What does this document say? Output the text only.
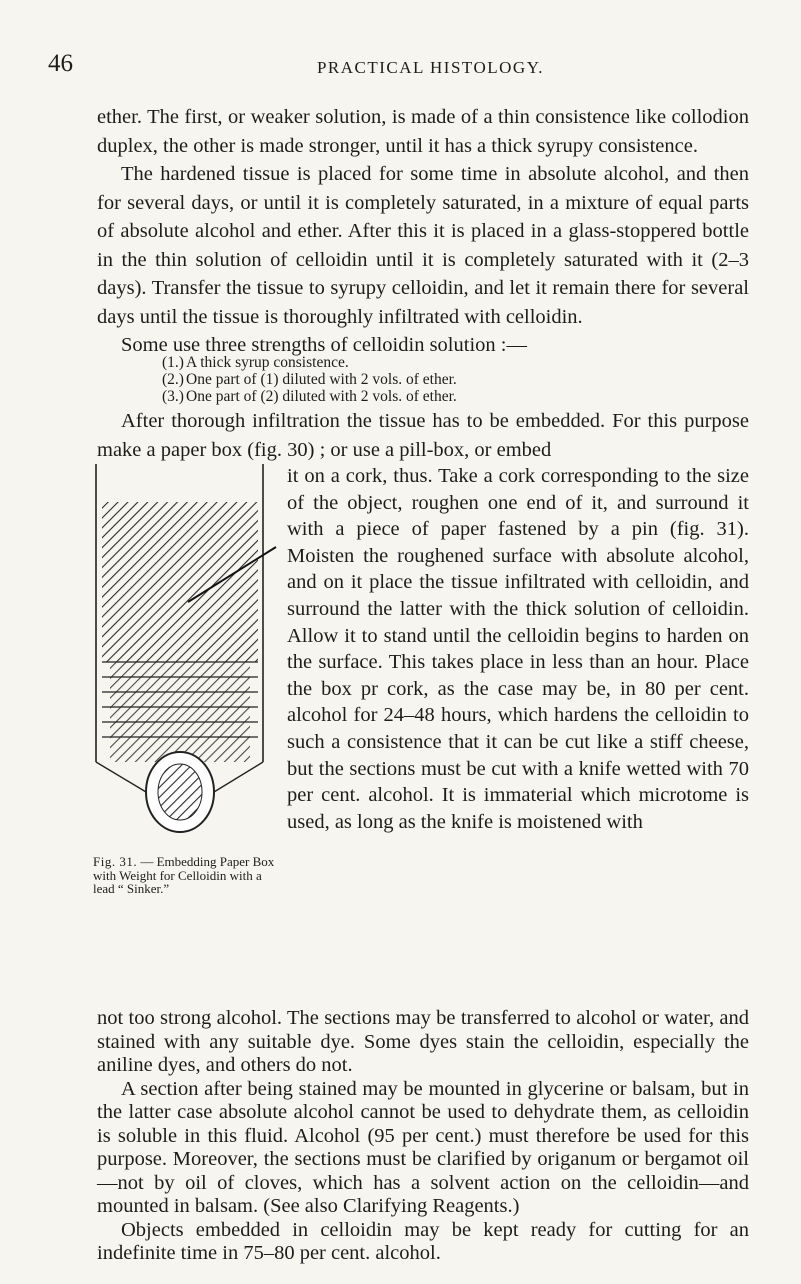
46	PRACTICAL HISTOLOGY.

ether. The first, or weaker solution, is made of a thin consistence like collodion duplex, the other is made stronger, until it has a thick syrupy consistence.

The hardened tissue is placed for some time in absolute alcohol, and then for several days, or until it is completely saturated, in a mixture of equal parts of absolute alcohol and ether. After this it is placed in a glass-stoppered bottle in the thin solution of celloidin until it is completely saturated with it (2–3 days). Transfer the tissue to syrupy celloidin, and let it remain there for several days until the tissue is thoroughly infiltrated with celloidin.

Some use three strengths of celloidin solution :—

(1.) A thick syrup consistence.
(2.) One part of (1) diluted with 2 vols. of ether.
(3.) One part of (2) diluted with 2 vols. of ether.

After thorough infiltration the tissue has to be embedded. For this purpose make a paper box (fig. 30) ; or use a pill-box, or embed

Fig. 31. — Embedding Paper Box with Weight for Celloidin with a lead “ Sinker.”

it on a cork, thus. Take a cork corresponding to the size of the object, roughen one end of it, and surround it with a piece of paper fastened by a pin (fig. 31). Moisten the roughened surface with absolute alcohol, and on it place the tissue infiltrated with celloidin, and surround the latter with the thick solution of celloidin. Allow it to stand until the celloidin begins to harden on the surface. This takes place in less than an hour. Place the box pr cork, as the case may be, in 80 per cent. alcohol for 24–48 hours, which hardens the celloidin to such a consistence that it can be cut like a stiff cheese, but the sections must be cut with a knife wetted with 70 per cent. alcohol. It is immaterial which microtome is used, as long as the knife is moistened with

not too strong alcohol. The sections may be transferred to alcohol or water, and stained with any suitable dye. Some dyes stain the celloidin, especially the aniline dyes, and others do not.

A section after being stained may be mounted in glycerine or balsam, but in the latter case absolute alcohol cannot be used to dehydrate them, as celloidin is soluble in this fluid. Alcohol (95 per cent.) must therefore be used for this purpose. Moreover, the sections must be clarified by origanum or bergamot oil—not by oil of cloves, which has a solvent action on the celloidin—and mounted in balsam. (See also Clarifying Reagents.)

Objects embedded in celloidin may be kept ready for cutting for an indefinite time in 75–80 per cent. alcohol.
